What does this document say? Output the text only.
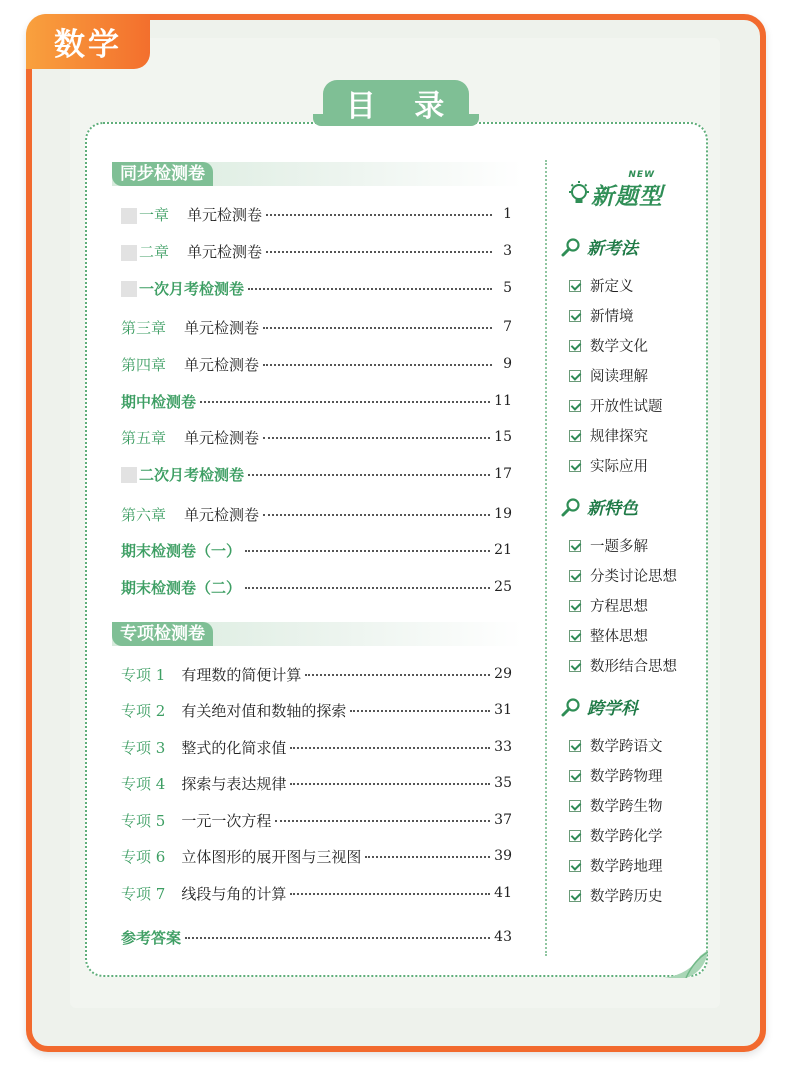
数学
目 录
同步检测卷
一章 单元检测卷	1
二章 单元检测卷	3
一次月考检测卷	5
第三章 单元检测卷	7
第四章 单元检测卷	9
期中检测卷	11
第五章 单元检测卷	15
二次月考检测卷	17
第六章 单元检测卷	19
期末检测卷（一）	21
期末检测卷（二）	25
专项检测卷
专项 1 有理数的简便计算	29
专项 2 有关绝对值和数轴的探索	31
专项 3 整式的化简求值	33
专项 4 探索与表达规律	35
专项 5 一元一次方程	37
专项 6 立体图形的展开图与三视图	39
专项 7 线段与角的计算	41
参考答案	43
新题型
NEW
新考法
新定义
新情境
数学文化
阅读理解
开放性试题
规律探究
实际应用
新特色
一题多解
分类讨论思想
方程思想
整体思想
数形结合思想
跨学科
数学跨语文
数学跨物理
数学跨生物
数学跨化学
数学跨地理
数学跨历史
